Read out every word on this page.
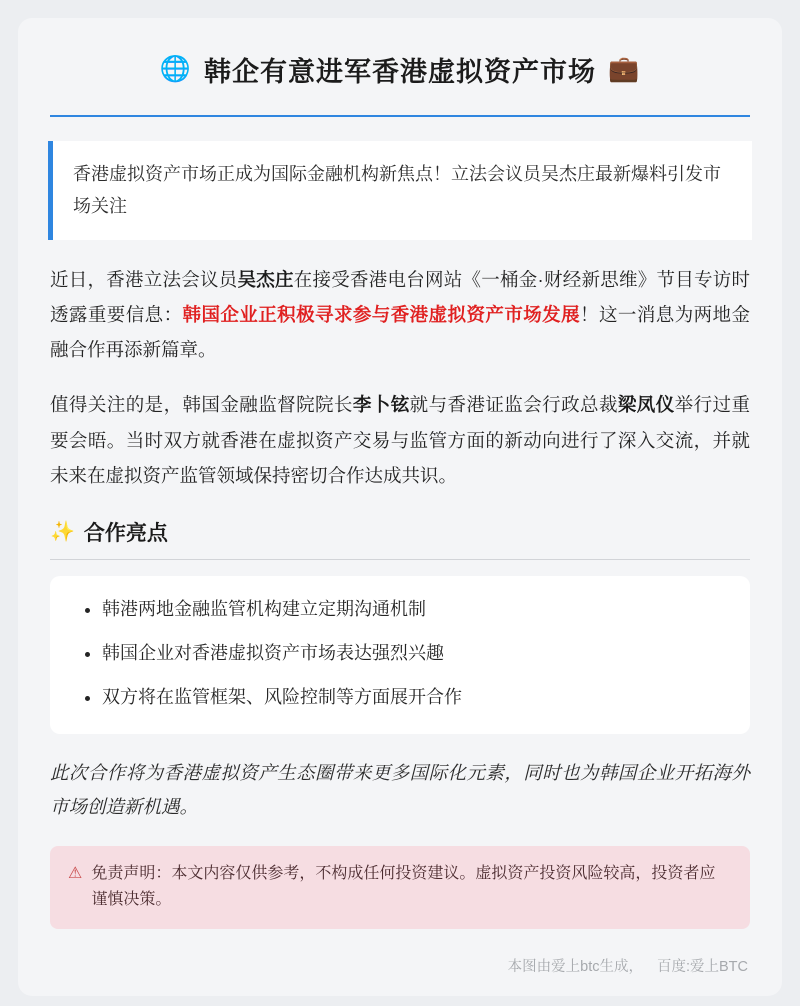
🌐 韩企有意进军香港虚拟资产市场 💼
香港虚拟资产市场正成为国际金融机构新焦点！立法会议员吴杰庄最新爆料引发市场关注

近日，香港立法会议员吴杰庄在接受香港电台网站《一桶金·财经新思维》节目专访时透露重要信息：韩国企业正积极寻求参与香港虚拟资产市场发展！这一消息为两地金融合作再添新篇章。

值得关注的是，韩国金融监督院院长李卜铉就与香港证监会行政总裁梁凤仪举行过重要会晤。当时双方就香港在虚拟资产交易与监管方面的新动向进行了深入交流，并就未来在虚拟资产监管领域保持密切合作达成共识。

✨ 合作亮点
• 韩港两地金融监管机构建立定期沟通机制
• 韩国企业对香港虚拟资产市场表达强烈兴趣
• 双方将在监管框架、风险控制等方面展开合作

此次合作将为香港虚拟资产生态圈带来更多国际化元素，同时也为韩国企业开拓海外市场创造新机遇。

⚠ 免责声明：本文内容仅供参考，不构成任何投资建议。虚拟资产投资风险较高，投资者应谨慎决策。
本图由爱上btc生成， 百度:爱上BTC
